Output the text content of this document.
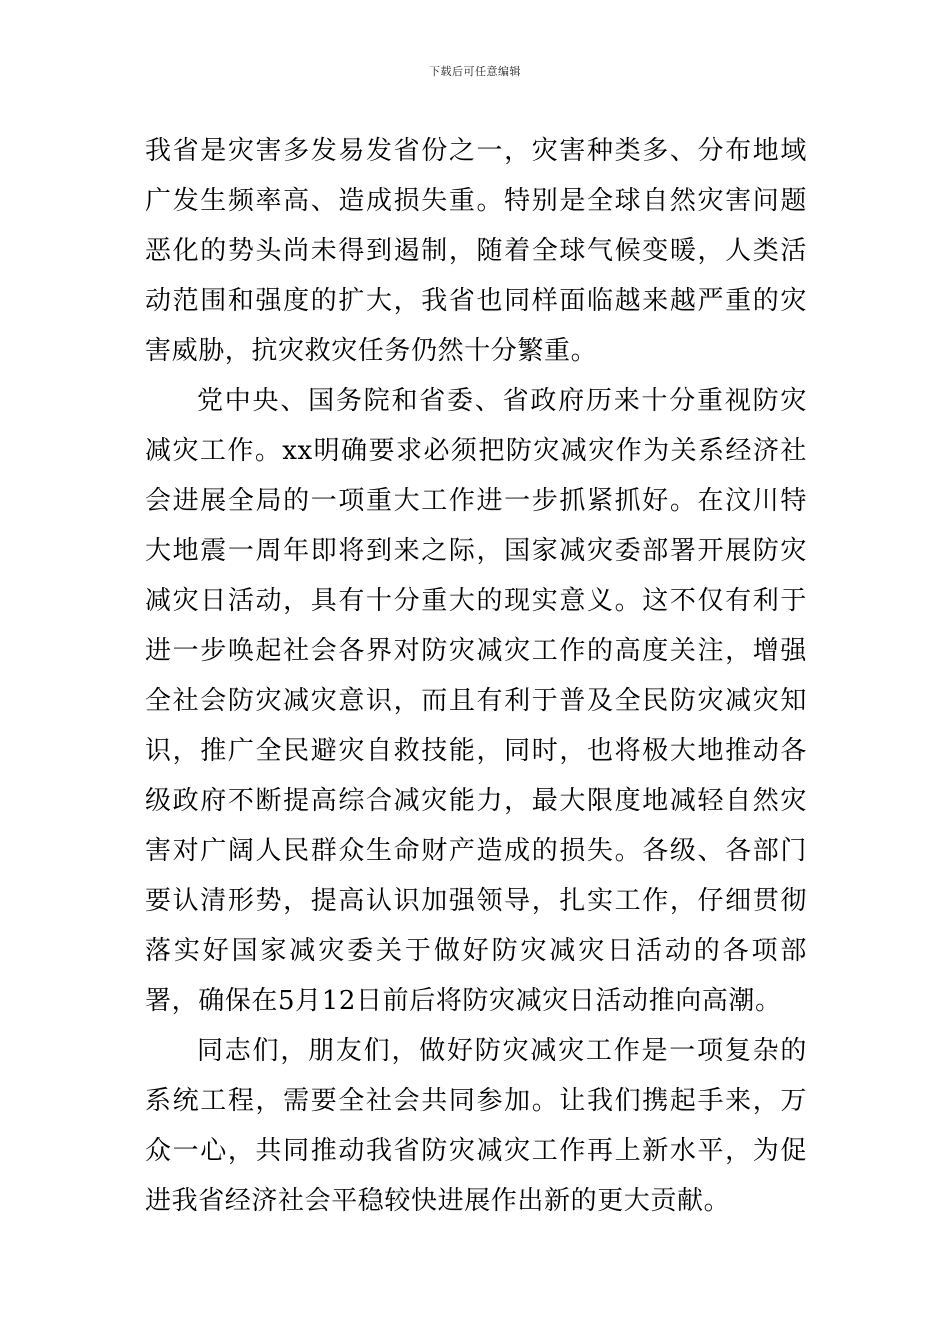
下载后可任意编辑

我省是灾害多发易发省份之一，灾害种类多、分布地域广发生频率高、造成损失重。特别是全球自然灾害问题恶化的势头尚未得到遏制，随着全球气候变暖，人类活动范围和强度的扩大，我省也同样面临越来越严重的灾害威胁，抗灾救灾任务仍然十分繁重。

党中央、国务院和省委、省政府历来十分重视防灾减灾工作。xx明确要求必须把防灾减灾作为关系经济社会进展全局的一项重大工作进一步抓紧抓好。在汶川特大地震一周年即将到来之际，国家减灾委部署开展防灾减灾日活动，具有十分重大的现实意义。这不仅有利于进一步唤起社会各界对防灾减灾工作的高度关注，增强全社会防灾减灾意识，而且有利于普及全民防灾减灾知识，推广全民避灾自救技能，同时，也将极大地推动各级政府不断提高综合减灾能力，最大限度地减轻自然灾害对广阔人民群众生命财产造成的损失。各级、各部门要认清形势，提高认识加强领导，扎实工作，仔细贯彻落实好国家减灾委关于做好防灾减灾日活动的各项部署，确保在5月12日前后将防灾减灾日活动推向高潮。

同志们，朋友们，做好防灾减灾工作是一项复杂的系统工程，需要全社会共同参加。让我们携起手来，万众一心，共同推动我省防灾减灾工作再上新水平，为促进我省经济社会平稳较快进展作出新的更大贡献。
